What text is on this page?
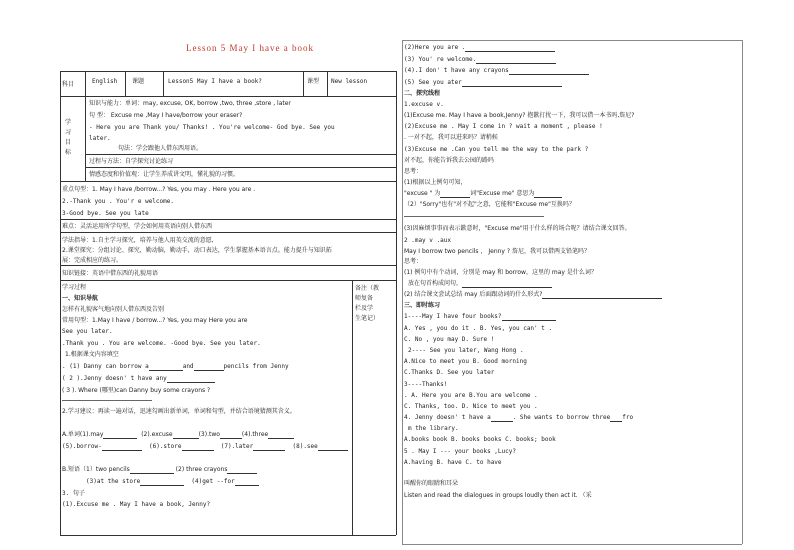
Lesson 5 May I have a book
科目	English 课题	Lesson5 May I have a book?	课型 New lesson
学
习
目
标
知识与能力：单词：may, excuse, OK, borrow ,two, three ,store , later
句 型： Excuse me ,May I have/borrow your eraser?
- Here you are Thank you/ Thanks! . You're welcome- God bye. See you
later.
句法：学会跟他人借东西用语。
过程与方法：自学探究讨论练习
情感态度和价值观：让学生养成讲文明，懂礼貌的习惯。
重点句型：1. May I have /borrow...? Yes, you may . Here you are .
2.-Thank you . You'r e welcome.
3-Good bye. See you late
难点：灵活运用所学句型，学会如何用英语向别人借东西
学法指导：1.自主学习探究，培养与他人用英交流的意愿,
2.课堂探究：分组讨论、探究，勤动脑，勤动手，动口表达，学生掌握基本语言点。能力提升与知识拓
展：完成相应的练习。
知识链接：英语中借东西的礼貌用语
学习过程	备注（教
师复备
栏及学
生笔记）
一、知识导航
怎样有礼貌客气地向别人借东西及告别
常用句型：1.May I have / borrow...? Yes, you may Here you are
See you later.
.Thank you . You are welcome. -Good bye. See you later.
1.根据课文内容填空
. (1) Danny can borrow a	and	pencils from Jenny
( 2 ).Jenny doesn' t have any
( 3 ). Where (哪里)can Danny buy some crayons ?
2.学习建议：再读一遍对话，迅速勾画出新单词，单词和句型，并结合语境猜测其含义。
A.单词(1).may	(2).excuse	(3).two	(4).three
(5).borrow-	(6).store	(7).later	(8).see
B.短语（1）two pencils	(2) three crayons
(3)at the store	(4)get --for
3. 句子
(1).Excuse me . May I have a book, Jenny?
(2)Here you are .
(3) You' re welcome.
(4).I don' t have any crayons
(5) See you ater
二、探究线程
1.excuse v.
(1)Excuse me. May I have a book,Jenny? 抱歉打扰一下，我可以借一本书吗,詹尼?
(2)Excuse me . May I come in ? wait a moment , please !
. 一对不起，我可以进来吗？请稍候
(3)Excuse me .Can you tell me the way to the park ?
对不起，你能告诉我去公园的路吗
思考：
(1)根据以上例句可知，
"excuse " 为	词"Excuse me" 意思为
（2）"Sorry"也有"对不起"之意，它能和"Excuse me"互换吗？
(3)因麻烦事事而表示歉意时，"Excuse me"用于什么样的场合呢？请结合课文回答。
2 .may v .aux
May I borrow two pencils ， Jenny ? 詹尼，我可以借两支铅笔吗？
思考：
(1) 例句中有个动词，分别是 may 和 borrow，这里的 may 是什么词？
放在句首构成问句，
(2) 结合课文尝试总结 may 后面跟动词的什么形式?
三、即时练习
1----May I have four books?
A. Yes , you do it . B. Yes, you can' t .
C. No , you may D. Sure !
2---- See you later, Wang Hong .
A.Nice to meet you B. Good morning
C.Thanks D. See you later
3----Thanks!
. A. Here you are B.You are welcome .
C. Thanks, too. D. Nice to meet you .
4. Jenny doesn' t have a	. She wants to borrow three fro
m the library.
A.books book B. books books C. books; book
5 . May I --- your books ,Lucy?
A.having B. have C. to have
叫醒你的眼睛和耳朵
Listen and read the dialogues in groups loudly then act it. （采
